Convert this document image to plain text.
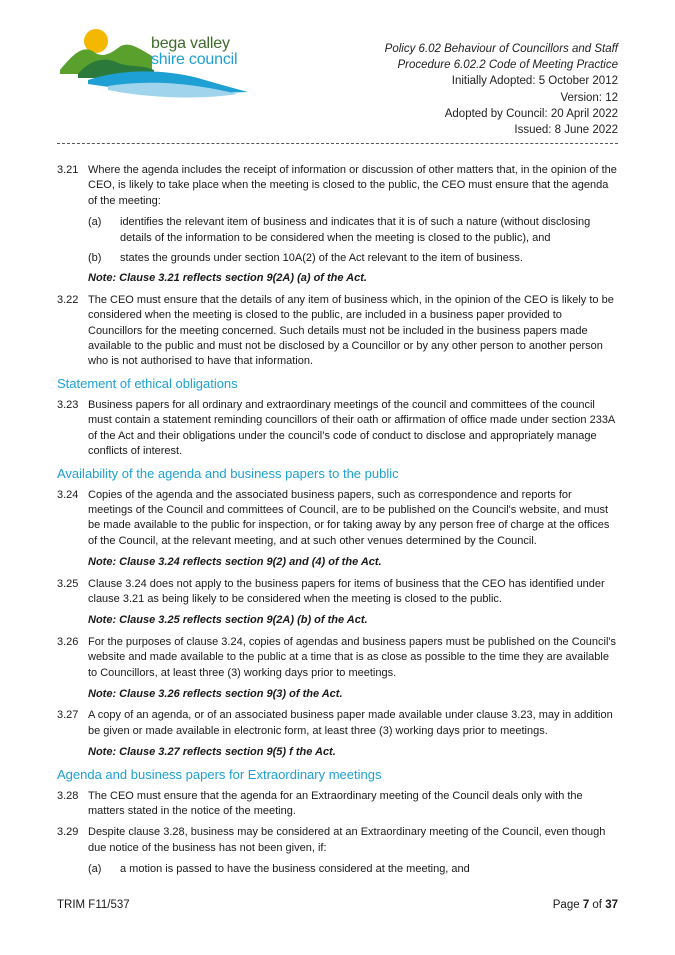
bega valley
shire council
Policy 6.02 Behaviour of Councillors and Staff
Procedure 6.02.2 Code of Meeting Practice
Initially Adopted: 5 October 2012
Version: 12
Adopted by Council: 20 April 2022
Issued: 8 June 2022
3.21 Where the agenda includes the receipt of information or discussion of other matters that, in the opinion of the CEO, is likely to take place when the meeting is closed to the public, the CEO must ensure that the agenda of the meeting:
(a)	identifies the relevant item of business and indicates that it is of such a nature (without disclosing details of the information to be considered when the meeting is closed to the public), and
(b)	states the grounds under section 10A(2) of the Act relevant to the item of business.
Note: Clause 3.21 reflects section 9(2A) (a) of the Act.
3.22 The CEO must ensure that the details of any item of business which, in the opinion of the CEO is likely to be considered when the meeting is closed to the public, are included in a business paper provided to Councillors for the meeting concerned. Such details must not be included in the business papers made available to the public and must not be disclosed by a Councillor or by any other person to another person who is not authorised to have that information.
Statement of ethical obligations
3.23 Business papers for all ordinary and extraordinary meetings of the council and committees of the council must contain a statement reminding councillors of their oath or affirmation of office made under section 233A of the Act and their obligations under the council’s code of conduct to disclose and appropriately manage conflicts of interest.
Availability of the agenda and business papers to the public
3.24 Copies of the agenda and the associated business papers, such as correspondence and reports for meetings of the Council and committees of Council, are to be published on the Council's website, and must be made available to the public for inspection, or for taking away by any person free of charge at the offices of the Council, at the relevant meeting, and at such other venues determined by the Council.
Note: Clause 3.24 reflects section 9(2) and (4) of the Act.
3.25 Clause 3.24 does not apply to the business papers for items of business that the CEO has identified under clause 3.21 as being likely to be considered when the meeting is closed to the public.
Note: Clause 3.25 reflects section 9(2A) (b) of the Act.
3.26 For the purposes of clause 3.24, copies of agendas and business papers must be published on the Council's website and made available to the public at a time that is as close as possible to the time they are available to Councillors, at least three (3) working days prior to meetings.
Note: Clause 3.26 reflects section 9(3) of the Act.
3.27 A copy of an agenda, or of an associated business paper made available under clause 3.23, may in addition be given or made available in electronic form, at least three (3) working days prior to meetings.
Note: Clause 3.27 reflects section 9(5) f the Act.
Agenda and business papers for Extraordinary meetings
3.28 The CEO must ensure that the agenda for an Extraordinary meeting of the Council deals only with the matters stated in the notice of the meeting.
3.29 Despite clause 3.28, business may be considered at an Extraordinary meeting of the Council, even though due notice of the business has not been given, if:
(a)	a motion is passed to have the business considered at the meeting, and
TRIM F11/537	Page 7 of 37
